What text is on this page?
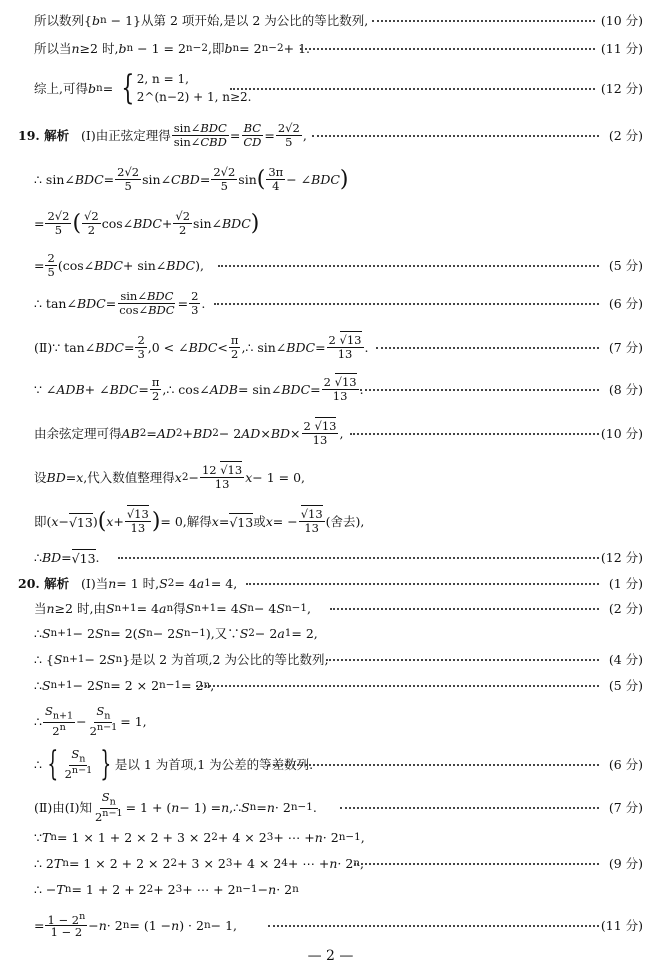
所以数列{ b n − 1}从第 2 项开始,是以 2 为公比的等比数列,	(10 分)
所以当 n ≥2 时, b n − 1 = 2 n−2 ,即 b n = 2 n−2 + 1.	(11 分)
综上,可得 b n = { 2, n = 1,
2^(n−2) + 1, n≥2.
(12 分)
19. 解析 (Ⅰ)由正弦定理得 $\frac{\text{sin∠BDC}}{\text{sin∠CBD}} = \frac{BC}{CD} = \frac{2√2}{5}$ ,	(2 分)
∴ sin∠ BDC = $\frac{2√2}{5}$ sin∠ CBD = $\frac{2√2}{5}$ sin ( $\frac{3\pi}{4}$ − ∠ BDC )
= $\frac{2√2}{5}$ ( $\frac{√2}{2}$ cos∠ BDC + $\frac{√2}{2}$ sin∠ BDC )
= $\frac{2}{5}$ (cos∠ BDC + sin∠ BDC ),	(5 分)
∴ tan∠ BDC = $\frac{\text{sin∠BDC}}{\text{cos∠BDC}} = \frac{2}{3}$ .	(6 分)
(Ⅱ)∵ tan∠ BDC = $\frac{2}{3} ,0$ < ∠ BDC < $\frac{\pi}{2}$ ,∴ sin∠ BDC = $\frac{2 √13}{13}$ .	(7 分)
∵ ∠ ADB + ∠ BDC = $\frac{\pi}{2}$ ,∴ cos∠ ADB = sin∠ BDC = $\frac{2 √13}{13}$ .	(8 分)
由余弦定理可得 AB 2 = AD 2 + BD 2 − 2 AD × BD × $\frac{2 √13}{13}$ ,	(10 分)
设 BD = x ,代入数值整理得 x $2 - \frac{12 √13}{13}$ x − 1 = 0,
即( x − √13 ) ( $x + \frac{√13}{13}$ ) = 0,解得 x = √13 或 x = − $\frac{√13}{13}$ (舍去),
∴ BD = √13 .	(12 分)
20. 解析 (Ⅰ)当 n = 1 时, S 2 = 4 a 1 = 4,	(1 分)
当 n ≥2 时,由 S n+1 = 4 a n 得 S n+1 = 4 S n − 4 S n−1 ,	(2 分)
∴ S n+1 − 2 S n = 2( S n − 2 S n−1 ),又∵ S 2 − 2 a 1 = 2,
∴ { S n+1 − 2 S n }是以 2 为首项,2 为公比的等比数列,	(4 分)
∴ S n+1 − 2 S n = 2 × 2 n−1 = 2 n ,	(5 分)
∴ $\frac{S_{n+1}}{2^n} - \frac{S_n}{2^{n-1}} = 1$,
∴ { $\frac{S_n}{2^{n-1}}$ } 是以 1 为首项,1 为公差的等差数列.	(6 分)
(Ⅱ)由(Ⅰ)知 $\frac{S_n}{2^{n-1}} = 1$ + ( n − 1) = n ,∴ S n = n · 2 n−1 .	(7 分)
∵ T n = 1 × 1 + 2 × 2 + 3 × 2 2 + 4 × 2 3 + ⋯ + n · 2 n−1 ,
∴ 2 T n = 1 × 2 + 2 × 2 2 + 3 × 2 3 + 4 × 2 4 + ⋯ + n · 2 n ,	(9 分)
∴ − T n = 1 + 2 + 2 2 + 2 3 + ⋯ + 2 n−1 − n · 2 n
= $\frac{1 - 2^n}{1 - 2} - n \cdot 2$ n = (1 − n ) · 2 n − 1,	(11 分)
— 2 —
